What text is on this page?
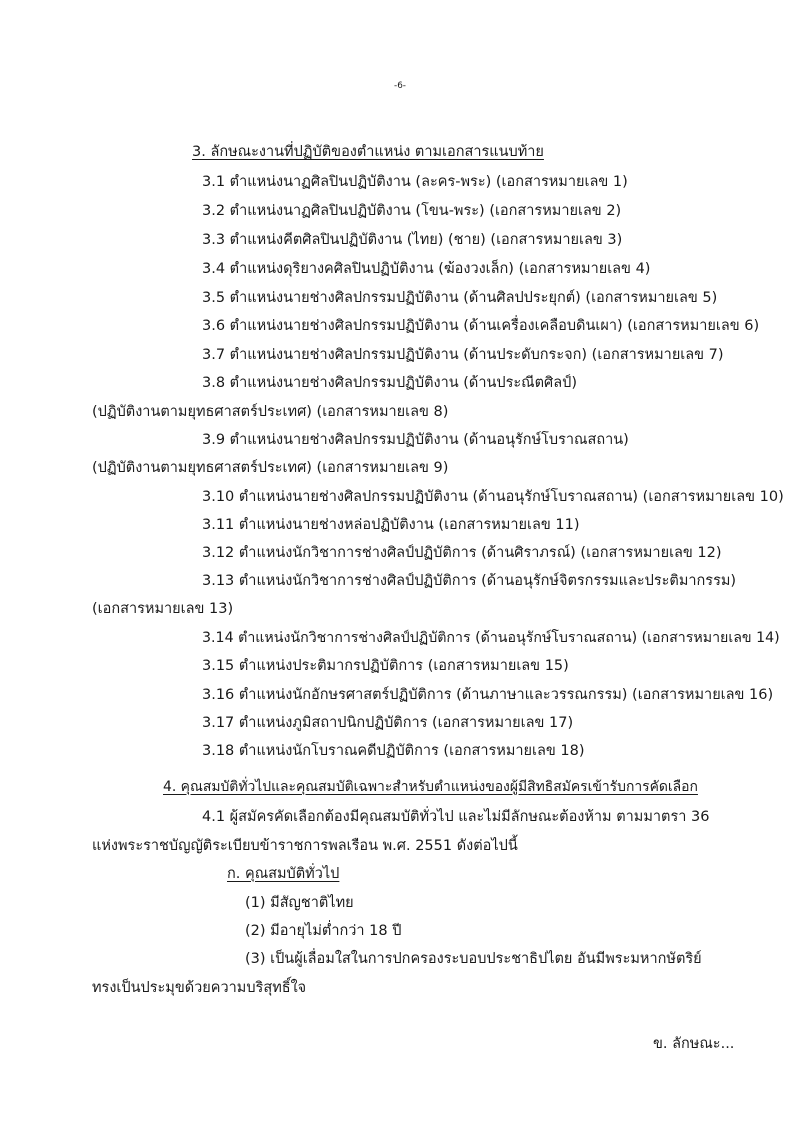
-6-
3. ลักษณะงานที่ปฏิบัติของตำแหน่ง ตามเอกสารแนบท้าย
3.1 ตำแหน่งนาฏศิลปินปฏิบัติงาน (ละคร-พระ) (เอกสารหมายเลข 1)
3.2 ตำแหน่งนาฏศิลปินปฏิบัติงาน (โขน-พระ) (เอกสารหมายเลข 2)
3.3 ตำแหน่งคีตศิลปินปฏิบัติงาน (ไทย) (ชาย) (เอกสารหมายเลข 3)
3.4 ตำแหน่งดุริยางคศิลปินปฏิบัติงาน (ฆ้องวงเล็ก) (เอกสารหมายเลข 4)
3.5 ตำแหน่งนายช่างศิลปกรรมปฏิบัติงาน (ด้านศิลปประยุกต์) (เอกสารหมายเลข 5)
3.6 ตำแหน่งนายช่างศิลปกรรมปฏิบัติงาน (ด้านเครื่องเคลือบดินเผา) (เอกสารหมายเลข 6)
3.7 ตำแหน่งนายช่างศิลปกรรมปฏิบัติงาน (ด้านประดับกระจก) (เอกสารหมายเลข 7)
3.8 ตำแหน่งนายช่างศิลปกรรมปฏิบัติงาน (ด้านประณีตศิลป์)
(ปฏิบัติงานตามยุทธศาสตร์ประเทศ) (เอกสารหมายเลข 8)
3.9 ตำแหน่งนายช่างศิลปกรรมปฏิบัติงาน (ด้านอนุรักษ์โบราณสถาน)
(ปฏิบัติงานตามยุทธศาสตร์ประเทศ) (เอกสารหมายเลข 9)
3.10 ตำแหน่งนายช่างศิลปกรรมปฏิบัติงาน (ด้านอนุรักษ์โบราณสถาน) (เอกสารหมายเลข 10)
3.11 ตำแหน่งนายช่างหล่อปฏิบัติงาน (เอกสารหมายเลข 11)
3.12 ตำแหน่งนักวิชาการช่างศิลป์ปฏิบัติการ (ด้านศิราภรณ์) (เอกสารหมายเลข 12)
3.13 ตำแหน่งนักวิชาการช่างศิลป์ปฏิบัติการ (ด้านอนุรักษ์จิตรกรรมและประติมากรรม)
(เอกสารหมายเลข 13)
3.14 ตำแหน่งนักวิชาการช่างศิลป์ปฏิบัติการ (ด้านอนุรักษ์โบราณสถาน) (เอกสารหมายเลข 14)
3.15 ตำแหน่งประติมากรปฏิบัติการ (เอกสารหมายเลข 15)
3.16 ตำแหน่งนักอักษรศาสตร์ปฏิบัติการ (ด้านภาษาและวรรณกรรม) (เอกสารหมายเลข 16)
3.17 ตำแหน่งภูมิสถาปนิกปฏิบัติการ (เอกสารหมายเลข 17)
3.18 ตำแหน่งนักโบราณคดีปฏิบัติการ (เอกสารหมายเลข 18)
4. คุณสมบัติทั่วไปและคุณสมบัติเฉพาะสำหรับตำแหน่งของผู้มีสิทธิสมัครเข้ารับการคัดเลือก
4.1 ผู้สมัครคัดเลือกต้องมีคุณสมบัติทั่วไป และไม่มีลักษณะต้องห้าม ตามมาตรา 36
แห่งพระราชบัญญัติระเบียบข้าราชการพลเรือน พ.ศ. 2551 ดังต่อไปนี้
ก. คุณสมบัติทั่วไป
(1) มีสัญชาติไทย
(2) มีอายุไม่ต่ำกว่า 18 ปี
(3) เป็นผู้เลื่อมใสในการปกครองระบอบประชาธิปไตย อันมีพระมหากษัตริย์
ทรงเป็นประมุขด้วยความบริสุทธิ์ใจ
ข. ลักษณะ...
